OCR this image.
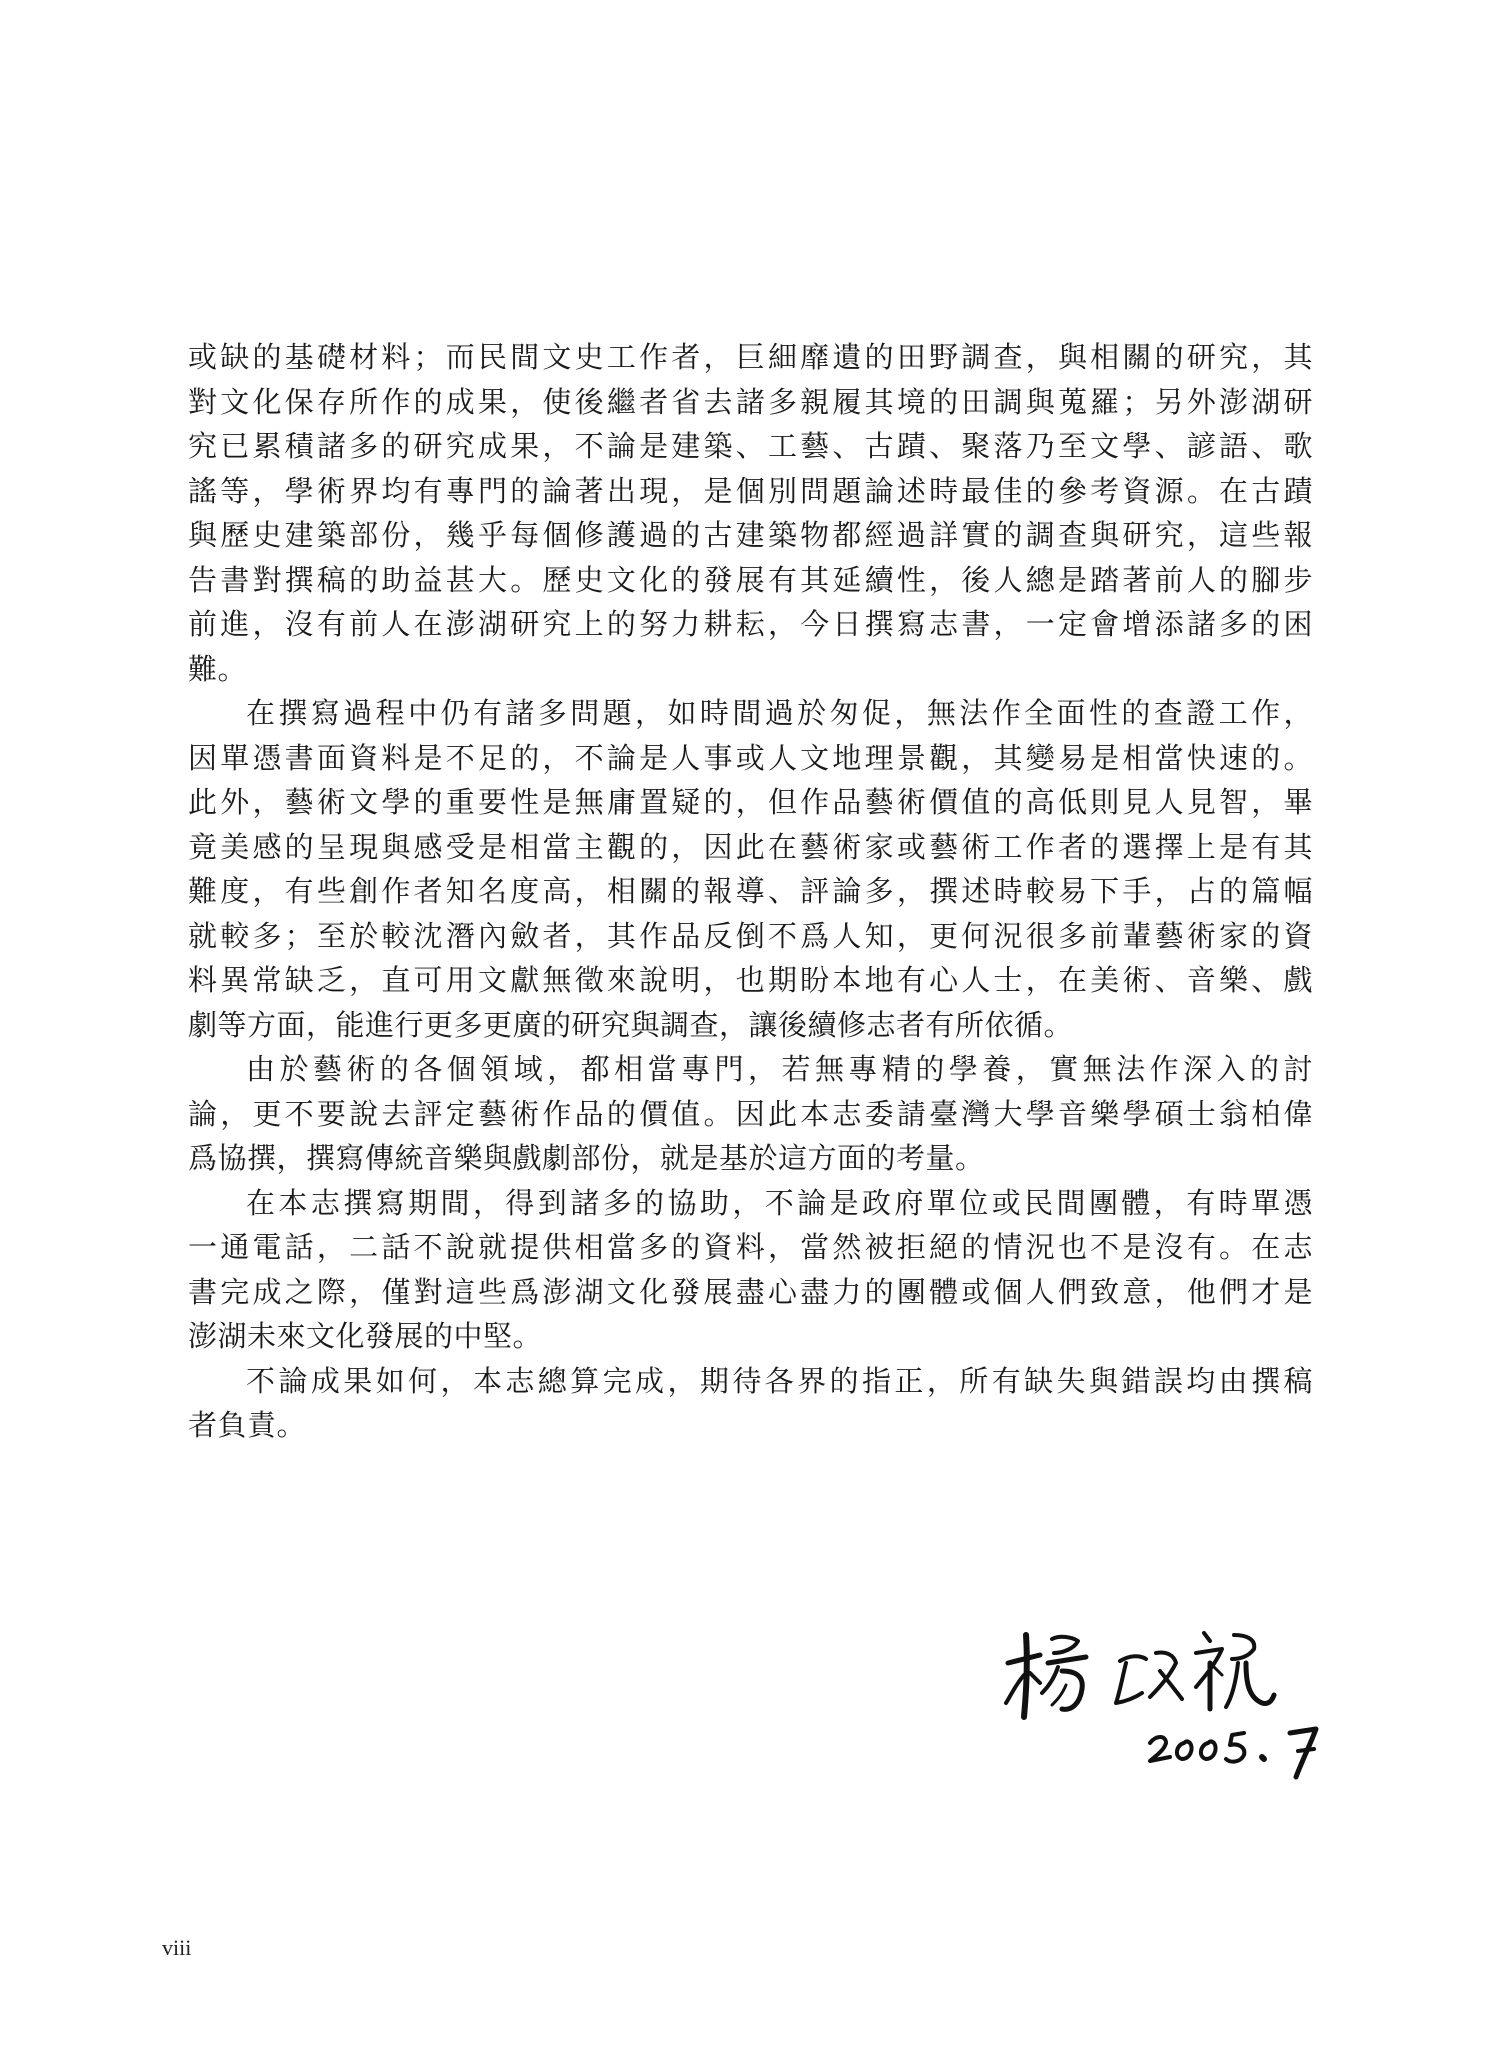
或缺的基礎材料；而民間文史工作者，巨細靡遺的田野調查，與相關的研究，其
對文化保存所作的成果，使後繼者省去諸多親履其境的田調與蒐羅；另外澎湖研
究已累積諸多的研究成果，不論是建築、工藝、古蹟、聚落乃至文學、諺語、歌
謠等，學術界均有專門的論著出現，是個別問題論述時最佳的參考資源。在古蹟
與歷史建築部份，幾乎每個修護過的古建築物都經過詳實的調查與研究，這些報
告書對撰稿的助益甚大。歷史文化的發展有其延續性，後人總是踏著前人的腳步
前進，沒有前人在澎湖研究上的努力耕耘，今日撰寫志書，一定會增添諸多的困
難。
在撰寫過程中仍有諸多問題，如時間過於匆促，無法作全面性的查證工作，
因單憑書面資料是不足的，不論是人事或人文地理景觀，其變易是相當快速的。
此外，藝術文學的重要性是無庸置疑的，但作品藝術價值的高低則見人見智，畢
竟美感的呈現與感受是相當主觀的，因此在藝術家或藝術工作者的選擇上是有其
難度，有些創作者知名度高，相關的報導、評論多，撰述時較易下手，占的篇幅
就較多；至於較沈潛內斂者，其作品反倒不爲人知，更何況很多前輩藝術家的資
料異常缺乏，直可用文獻無徵來說明，也期盼本地有心人士，在美術、音樂、戲
劇等方面，能進行更多更廣的研究與調查，讓後續修志者有所依循。
由於藝術的各個領域，都相當專門，若無專精的學養，實無法作深入的討
論，更不要說去評定藝術作品的價值。因此本志委請臺灣大學音樂學碩士翁柏偉
爲協撰，撰寫傳統音樂與戲劇部份，就是基於這方面的考量。
在本志撰寫期間，得到諸多的協助，不論是政府單位或民間團體，有時單憑
一通電話，二話不說就提供相當多的資料，當然被拒絕的情況也不是沒有。在志
書完成之際，僅對這些爲澎湖文化發展盡心盡力的團體或個人們致意，他們才是
澎湖未來文化發展的中堅。
不論成果如何，本志總算完成，期待各界的指正，所有缺失與錯誤均由撰稿
者負責。
viii
